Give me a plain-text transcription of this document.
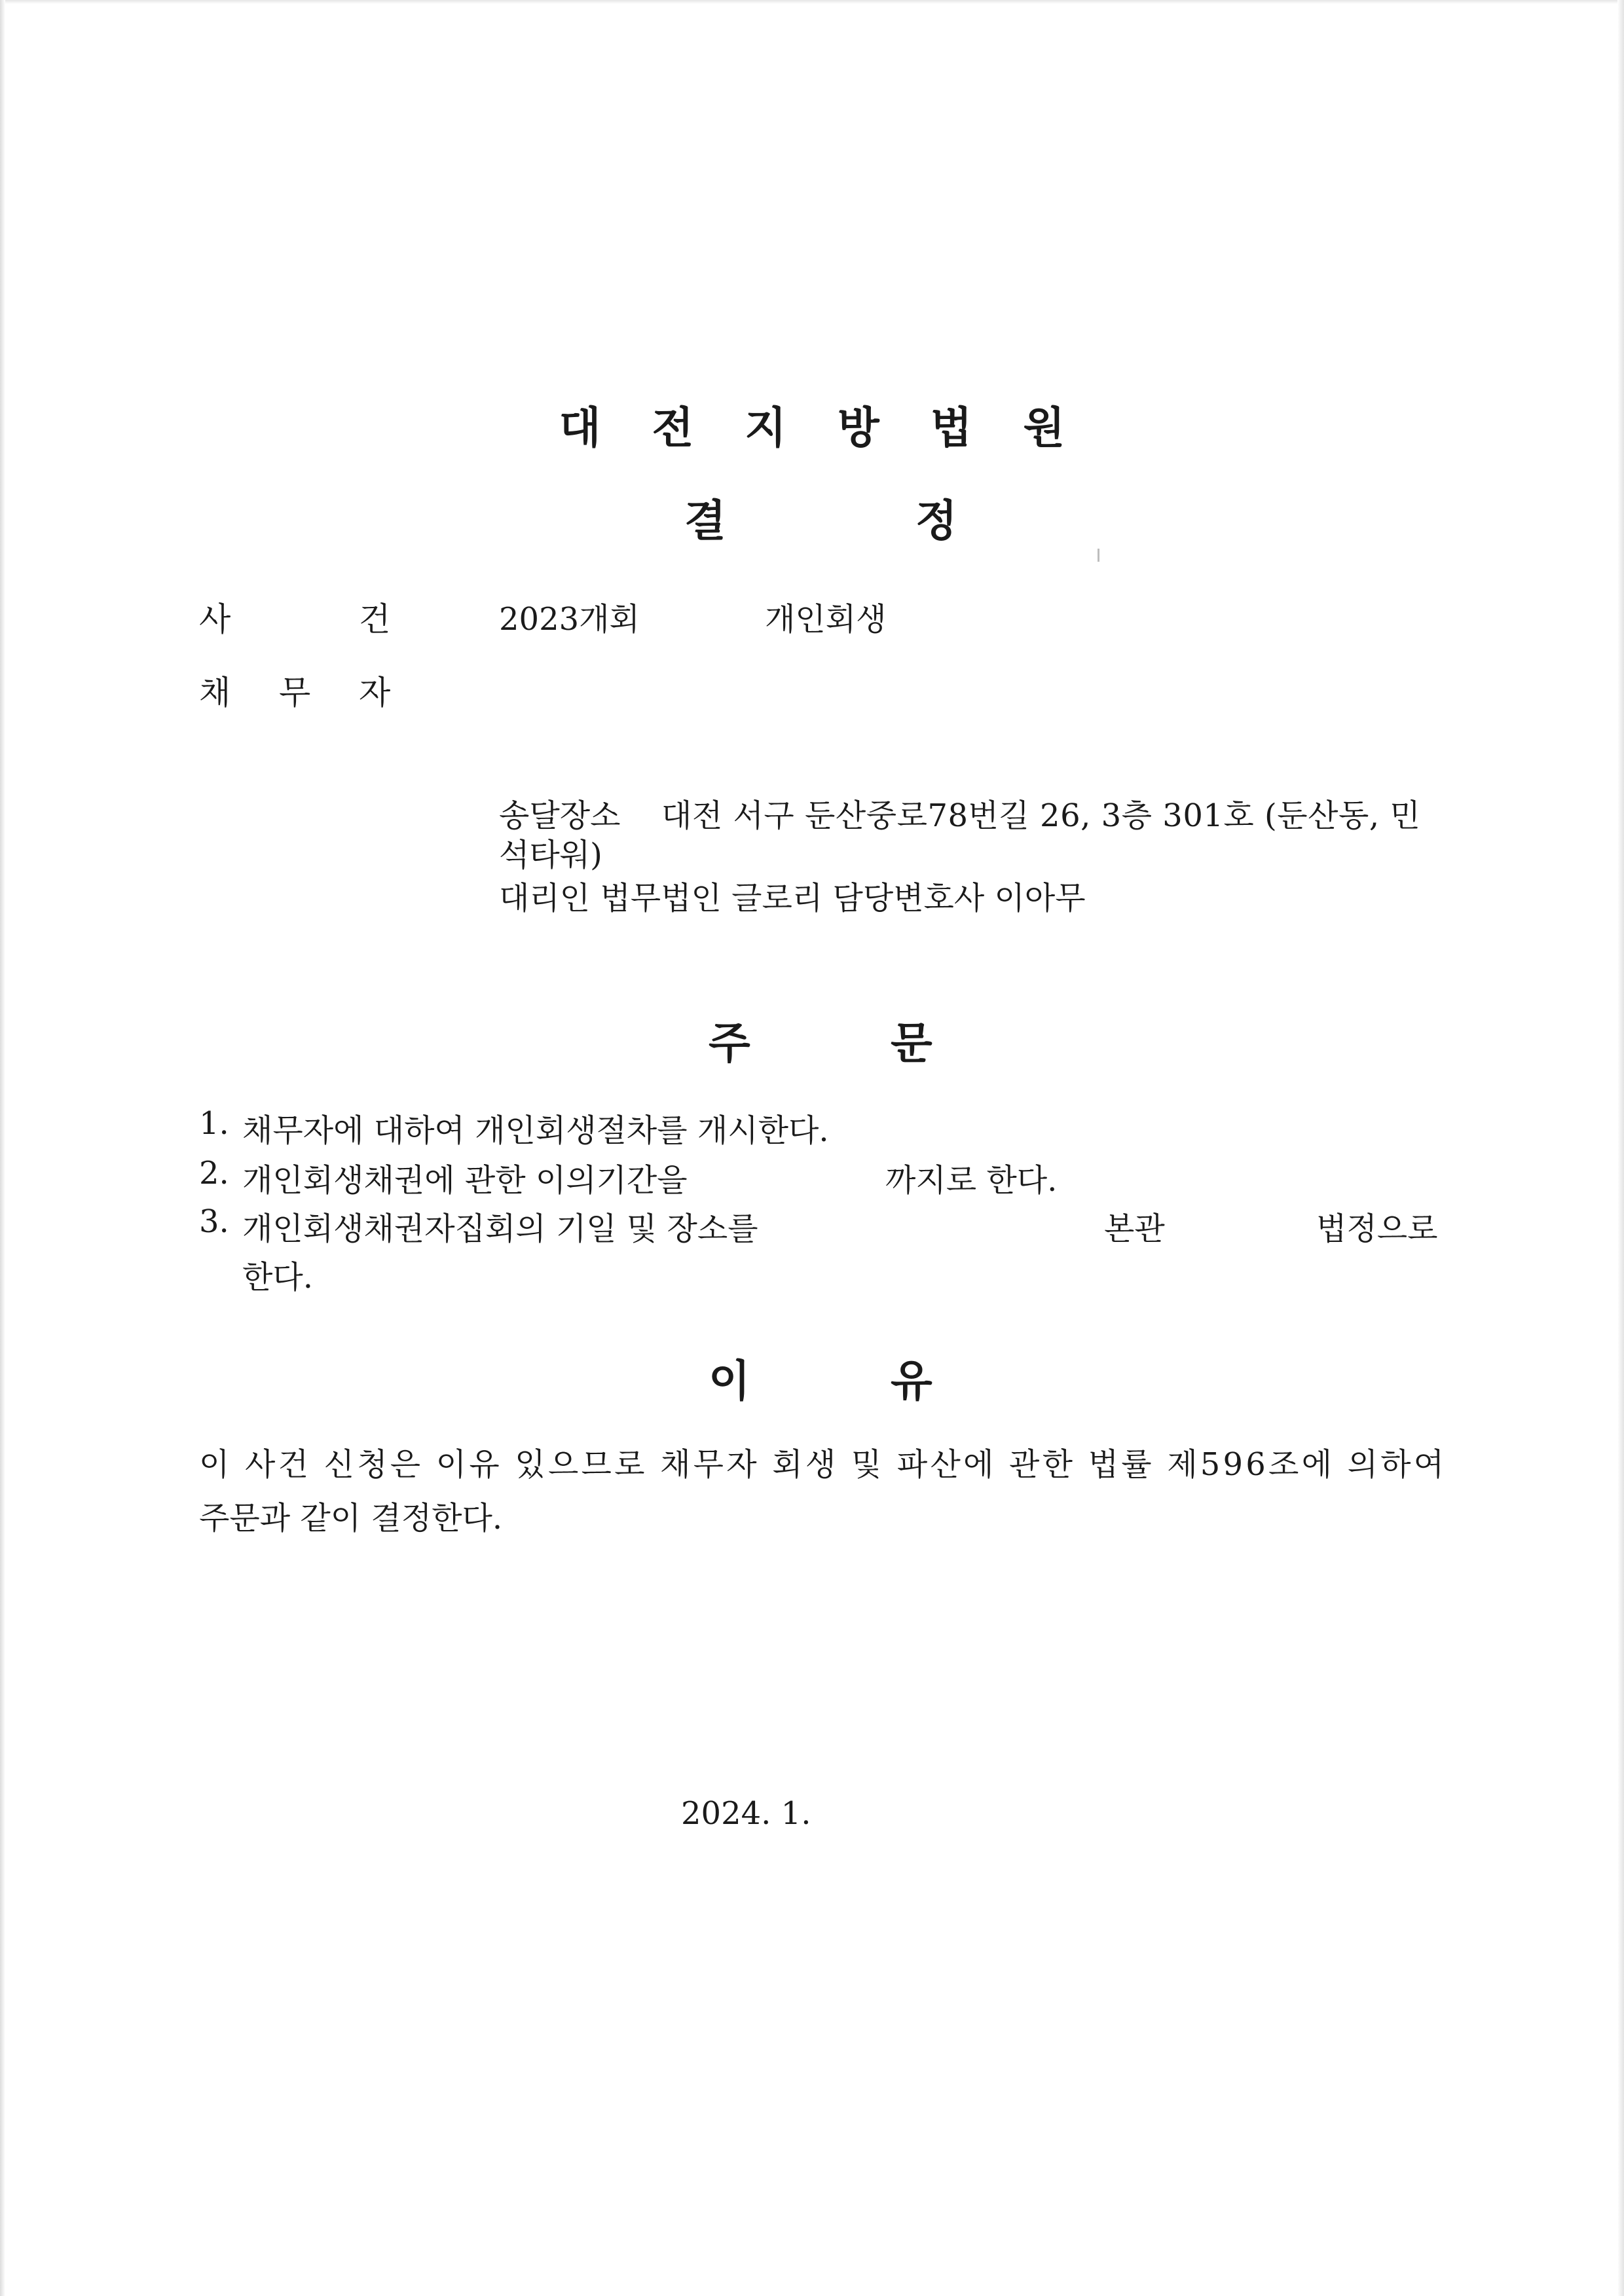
대전지방법원
결	정
사	건	2023개회	개인회생
채 무 자
송달장소 대전 서구 둔산중로78번길 26, 3층 301호 (둔산동, 민
석타워)
대리인 법무법인 글로리 담당변호사 이아무
주	문
1. 채무자에 대하여 개인회생절차를 개시한다.
2. 개인회생채권에 관한 이의기간을	까지로 한다.
3. 개인회생채권자집회의 기일 및 장소를	본관	법정으로
한다.
이	유
이 사건 신청은 이유 있으므로 채무자 회생 및 파산에 관한 법률 제596조에 의하여
주문과 같이 결정한다.
2024. 1.
